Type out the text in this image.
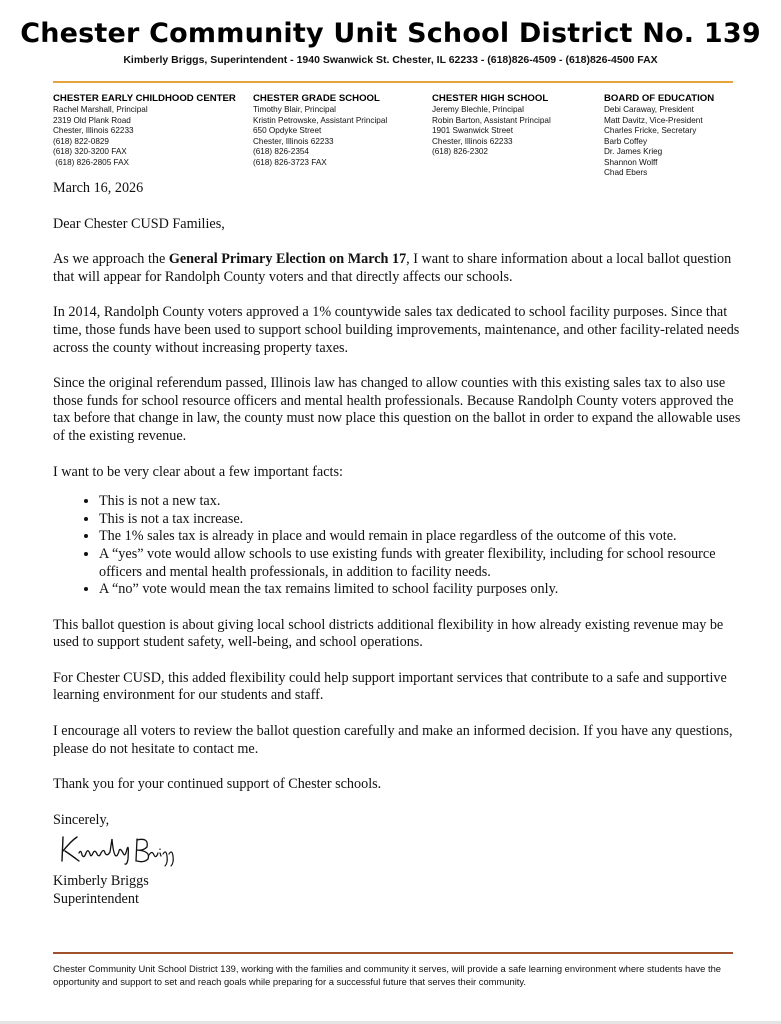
Chester Community Unit School District No. 139
Kimberly Briggs, Superintendent - 1940 Swanwick St. Chester, IL 62233 - (618)826-4509 - (618)826-4500 FAX
CHESTER EARLY CHILDHOOD CENTER
Rachel Marshall, Principal
2319 Old Plank Road
Chester, Illinois 62233
(618) 822-0829
(618) 320-3200 FAX
(618) 826-2805 FAX
CHESTER GRADE SCHOOL
Timothy Blair, Principal
Kristin Petrowske, Assistant Principal
650 Opdyke Street
Chester, Illinois 62233
(618) 826-2354
(618) 826-3723 FAX
CHESTER HIGH SCHOOL
Jeremy Blechle, Principal
Robin Barton, Assistant Principal
1901 Swanwick Street
Chester, Illinois 62233
(618) 826-2302
BOARD OF EDUCATION
Debi Caraway, President
Matt Davitz, Vice-President
Charles Fricke, Secretary
Barb Coffey
Dr. James Krieg
Shannon Wolff
Chad Ebers

March 16, 2026

Dear Chester CUSD Families,

As we approach the General Primary Election on March 17, I want to share information about a local ballot question that will appear for Randolph County voters and that directly affects our schools.

In 2014, Randolph County voters approved a 1% countywide sales tax dedicated to school facility purposes. Since that time, those funds have been used to support school building improvements, maintenance, and other facility-related needs across the county without increasing property taxes.

Since the original referendum passed, Illinois law has changed to allow counties with this existing sales tax to also use those funds for school resource officers and mental health professionals. Because Randolph County voters approved the tax before that change in law, the county must now place this question on the ballot in order to expand the allowable uses of the existing revenue.

I want to be very clear about a few important facts:

• This is not a new tax.
• This is not a tax increase.
• The 1% sales tax is already in place and would remain in place regardless of the outcome of this vote.
• A “yes” vote would allow schools to use existing funds with greater flexibility, including for school resource officers and mental health professionals, in addition to facility needs.
• A “no” vote would mean the tax remains limited to school facility purposes only.

This ballot question is about giving local school districts additional flexibility in how already existing revenue may be used to support student safety, well-being, and school operations.

For Chester CUSD, this added flexibility could help support important services that contribute to a safe and supportive learning environment for our students and staff.

I encourage all voters to review the ballot question carefully and make an informed decision. If you have any questions, please do not hesitate to contact me.

Thank you for your continued support of Chester schools.

Sincerely,

Kimberly Briggs

Superintendent

Chester Community Unit School District 139, working with the families and community it serves, will provide a safe learning environment where students have the opportunity and support to set and reach goals while preparing for a successful future that serves their community.
